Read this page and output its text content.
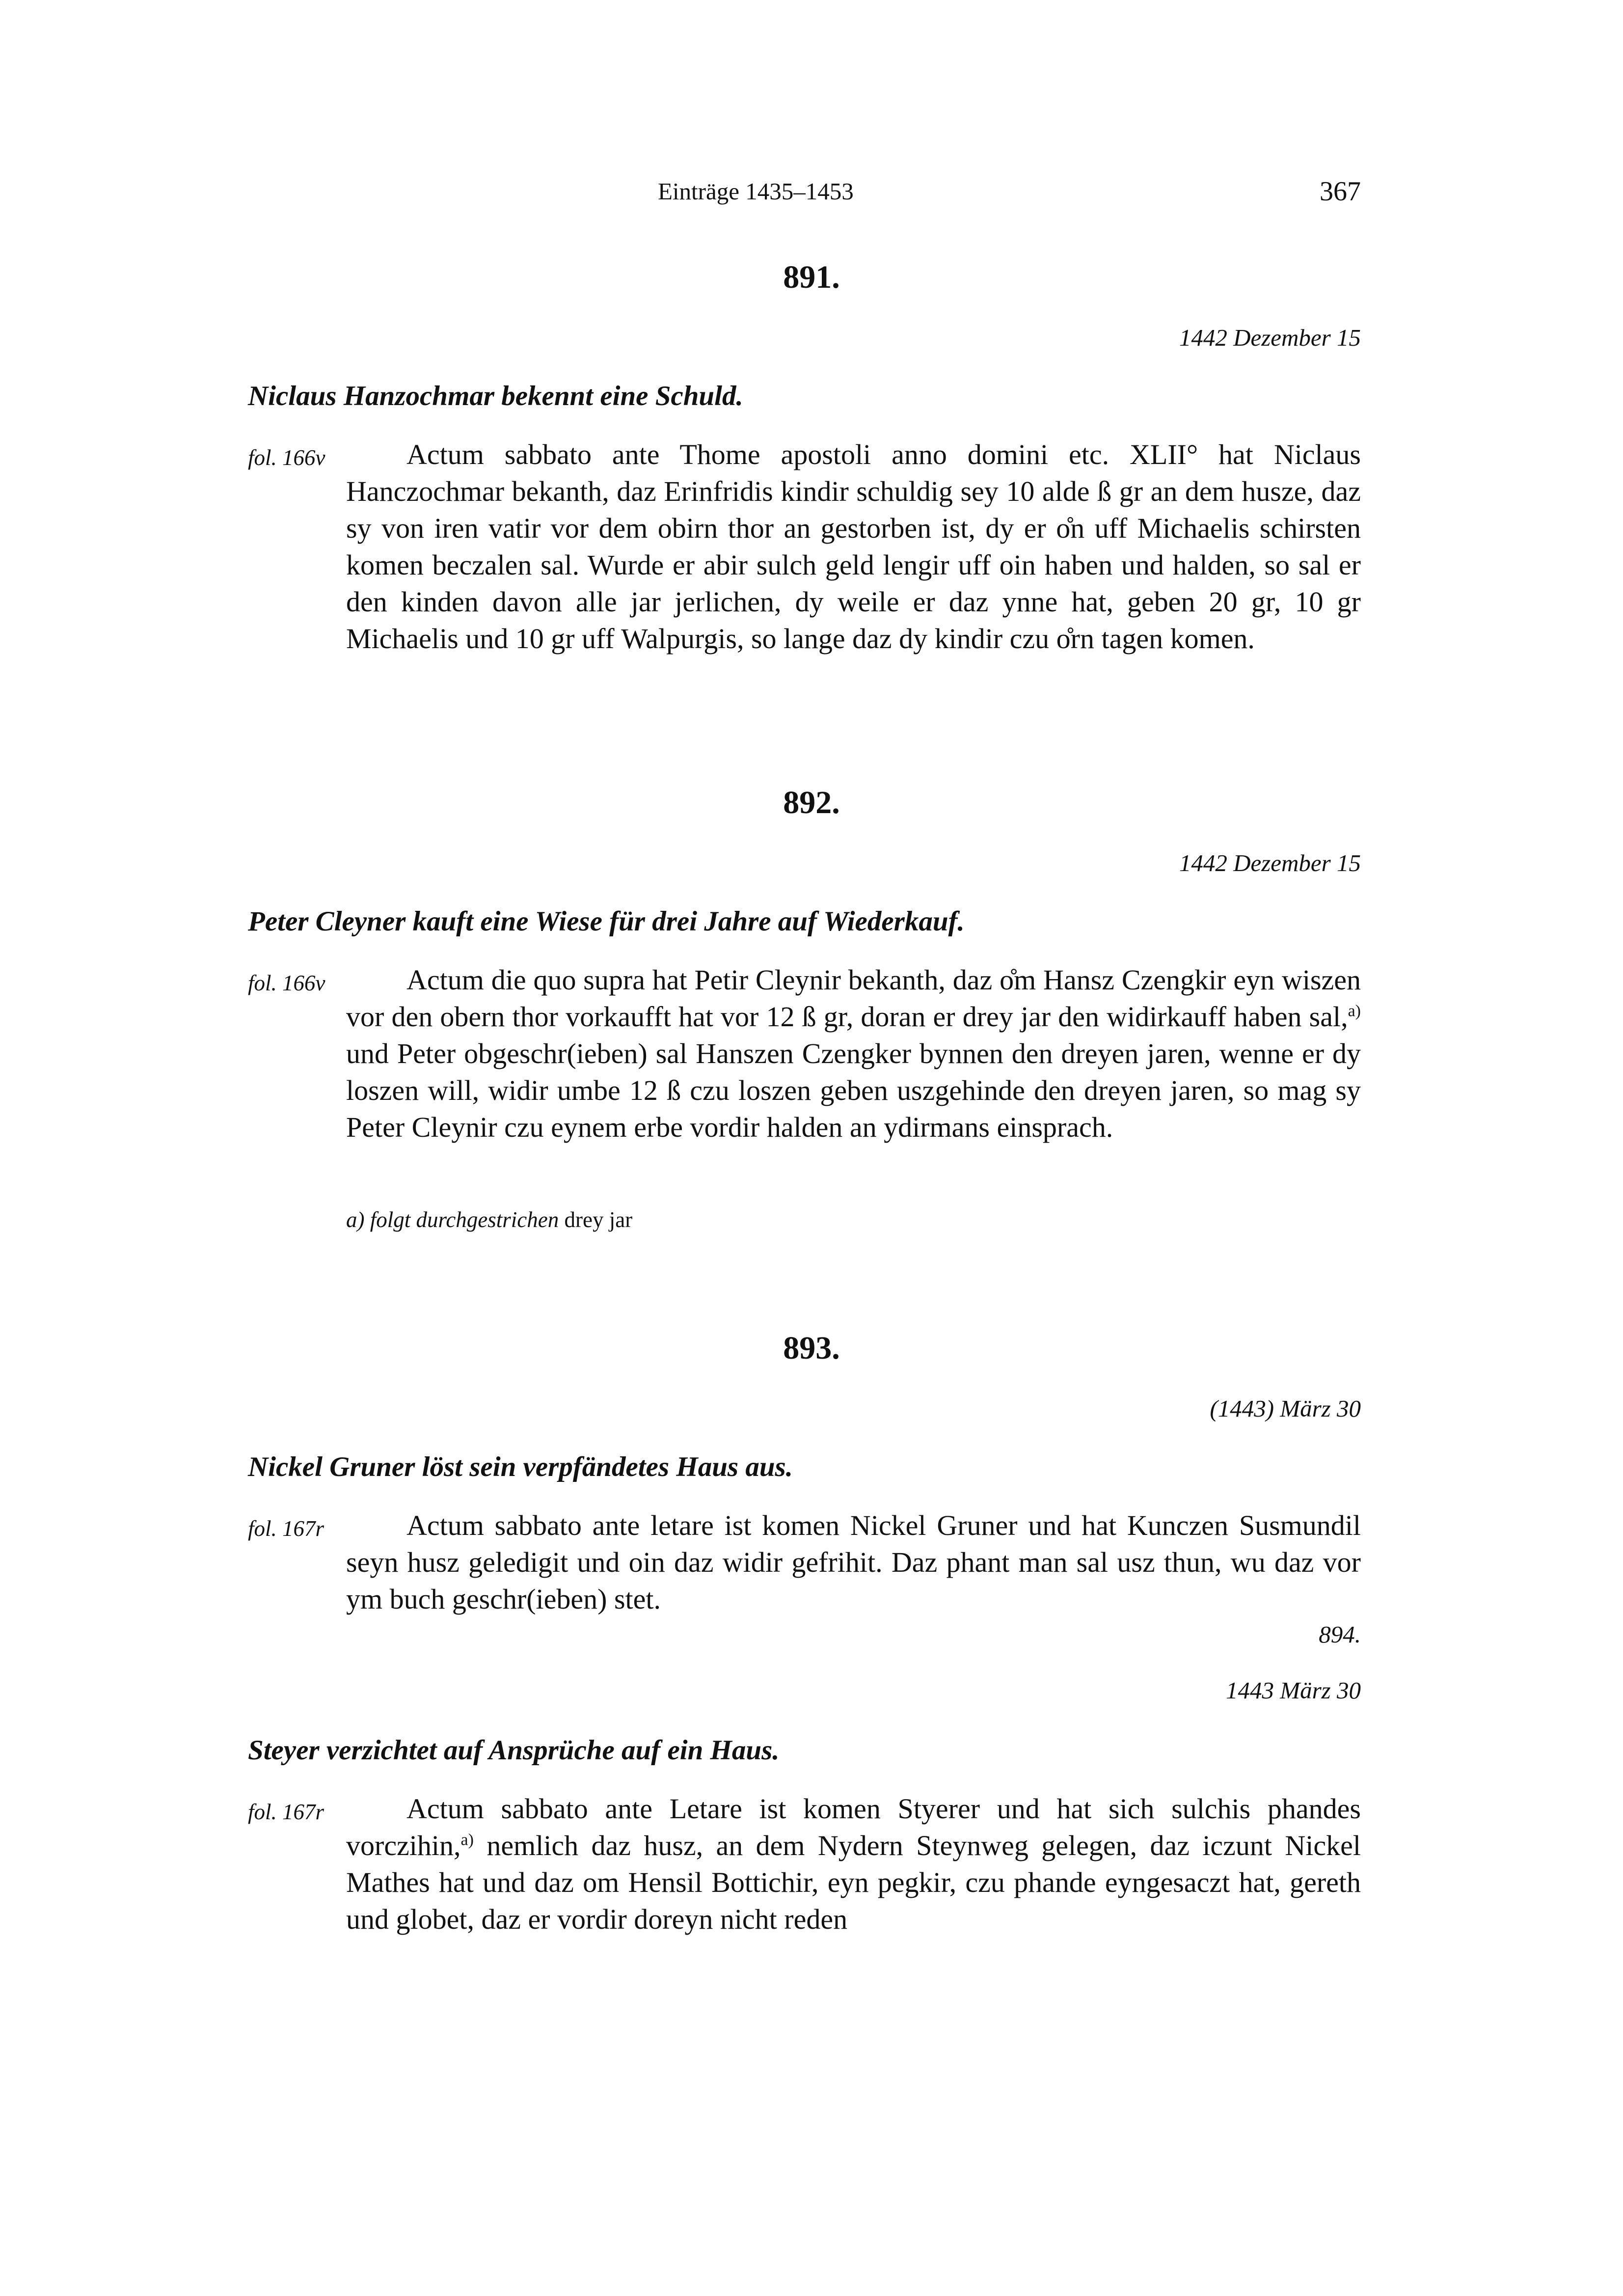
Einträge 1435–1453	367
891.
1442 Dezember 15
Niclaus Hanzochmar bekennt eine Schuld.
fol. 166v	Actum sabbato ante Thome apostoli anno domini etc. XLII° hat Niclaus Hanczochmar bekanth, daz Erinfridis kindir schuldig sey 10 alde ß gr an dem husze, daz sy von iren vatir vor dem obirn thor an gestorben ist, dy er o̊n uff Michaelis schirsten komen beczalen sal. Wurde er abir sulch geld lengir uff oin haben und halden, so sal er den kinden davon alle jar jerlichen, dy weile er daz ynne hat, geben 20 gr, 10 gr Michaelis und 10 gr uff Walpurgis, so lange daz dy kindir czu o̊rn tagen komen.

892.
1442 Dezember 15
Peter Cleyner kauft eine Wiese für drei Jahre auf Wiederkauf.
fol. 166v	Actum die quo supra hat Petir Cleynir bekanth, daz o̊m Hansz Czengkir eyn wiszen vor den obern thor vorkaufft hat vor 12 ß gr, doran er drey jar den widirkauff haben sal,$^{a)}$ und Peter obgeschr(ieben) sal Hanszen Czengker bynnen den dreyen jaren, wenne er dy loszen will, widir umbe 12 ß czu loszen geben uszgehinde den dreyen jaren, so mag sy Peter Cleynir czu eynem erbe vordir halden an ydirmans einsprach.

a) folgt durchgestrichen drey jar
893.
(1443) März 30
Nickel Gruner löst sein verpfändetes Haus aus.
fol. 167r	Actum sabbato ante letare ist komen Nickel Gruner und hat Kunczen Susmundil seyn husz geledigit und oin daz widir gefrihit. Daz phant man sal usz thun, wu daz vor ym buch geschr(ieben) stet.

894.
1443 März 30
Steyer verzichtet auf Ansprüche auf ein Haus.
fol. 167r	Actum sabbato ante Letare ist komen Styerer und hat sich sulchis phandes vorczihin,$^{a)}$ nemlich daz husz, an dem Nydern Steynweg gelegen, daz iczunt Nickel Mathes hat und daz om Hensil Bottichir, eyn pegkir, czu phande eyngesaczt hat, gereth und globet, daz er vordir doreyn nicht reden
